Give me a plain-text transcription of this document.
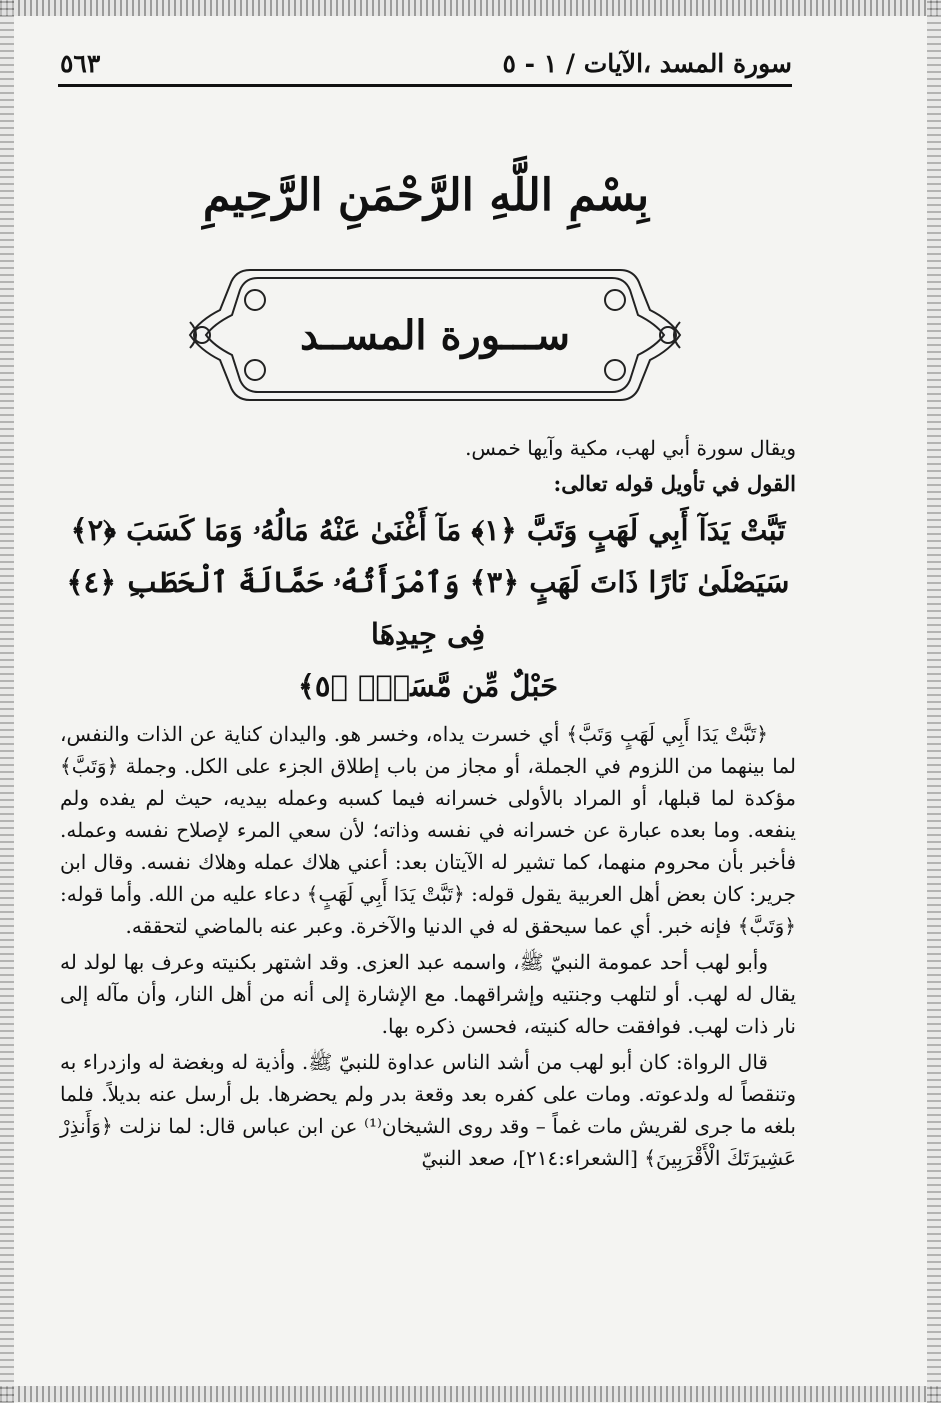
٥٦٣	سورة المسد ،الآيات / ١ - ٥
بِسْمِ اللَّهِ الرَّحْمَنِ الرَّحِيمِ
ســـورة المســد

ويقال سورة أبي لهب، مكية وآيها خمس.

القول في تأويل قوله تعالى:

تَبَّتْ يَدَآ أَبِي لَهَبٍ وَتَبَّ ﴿١﴾ مَآ أَغْنَىٰ عَنْهُ مَالُهُۥ وَمَا كَسَبَ ﴿٢﴾
سَيَصْلَىٰ نَارًا ذَاتَ لَهَبٍ ﴿٣﴾ وَٱمْرَأَتُهُۥ حَمَّالَةَ ٱلْحَطَبِ ﴿٤﴾ فِى جِيدِهَا
حَبْلٌ مِّن مَّسَدٍۭ ﴿٥﴾

﴿تَبَّتْ يَدَا أَبِي لَهَبٍ وَتَبَّ﴾ أي خسرت يداه، وخسر هو. واليدان كناية عن الذات والنفس، لما بينهما من اللزوم في الجملة، أو مجاز من باب إطلاق الجزء على الكل. وجملة ﴿وَتَبَّ﴾ مؤكدة لما قبلها، أو المراد بالأولى خسرانه فيما كسبه وعمله بيديه، حيث لم يفده ولم ينفعه. وما بعده عبارة عن خسرانه في نفسه وذاته؛ لأن سعي المرء لإصلاح نفسه وعمله. فأخبر بأن محروم منهما، كما تشير له الآيتان بعد: أعني هلاك عمله وهلاك نفسه. وقال ابن جرير: كان بعض أهل العربية يقول قوله: ﴿تَبَّتْ يَدَا أَبِي لَهَبٍ﴾ دعاء عليه من الله. وأما قوله: ﴿وَتَبَّ﴾ فإنه خبر. أي عما سيحقق له في الدنيا والآخرة. وعبر عنه بالماضي لتحققه.

وأبو لهب أحد عمومة النبيّ ﷺ، واسمه عبد العزى. وقد اشتهر بكنيته وعرف بها لولد له يقال له لهب. أو لتلهب وجنتيه وإشراقهما. مع الإشارة إلى أنه من أهل النار، وأن مآله إلى نار ذات لهب. فوافقت حاله كنيته، فحسن ذكره بها.

قال الرواة: كان أبو لهب من أشد الناس عداوة للنبيّ ﷺ. وأذية له وبغضة له وازدراء به وتنقصاً له ولدعوته. ومات على كفره بعد وقعة بدر ولم يحضرها. بل أرسل عنه بديلاً. فلما بلغه ما جرى لقريش مات غماً – وقد روى الشيخان⁽¹⁾ عن ابن عباس قال: لما نزلت ﴿وَأَنذِرْ عَشِيرَتَكَ الْأَقْرَبِينَ﴾ [الشعراء:٢١٤]، صعد النبيّ
